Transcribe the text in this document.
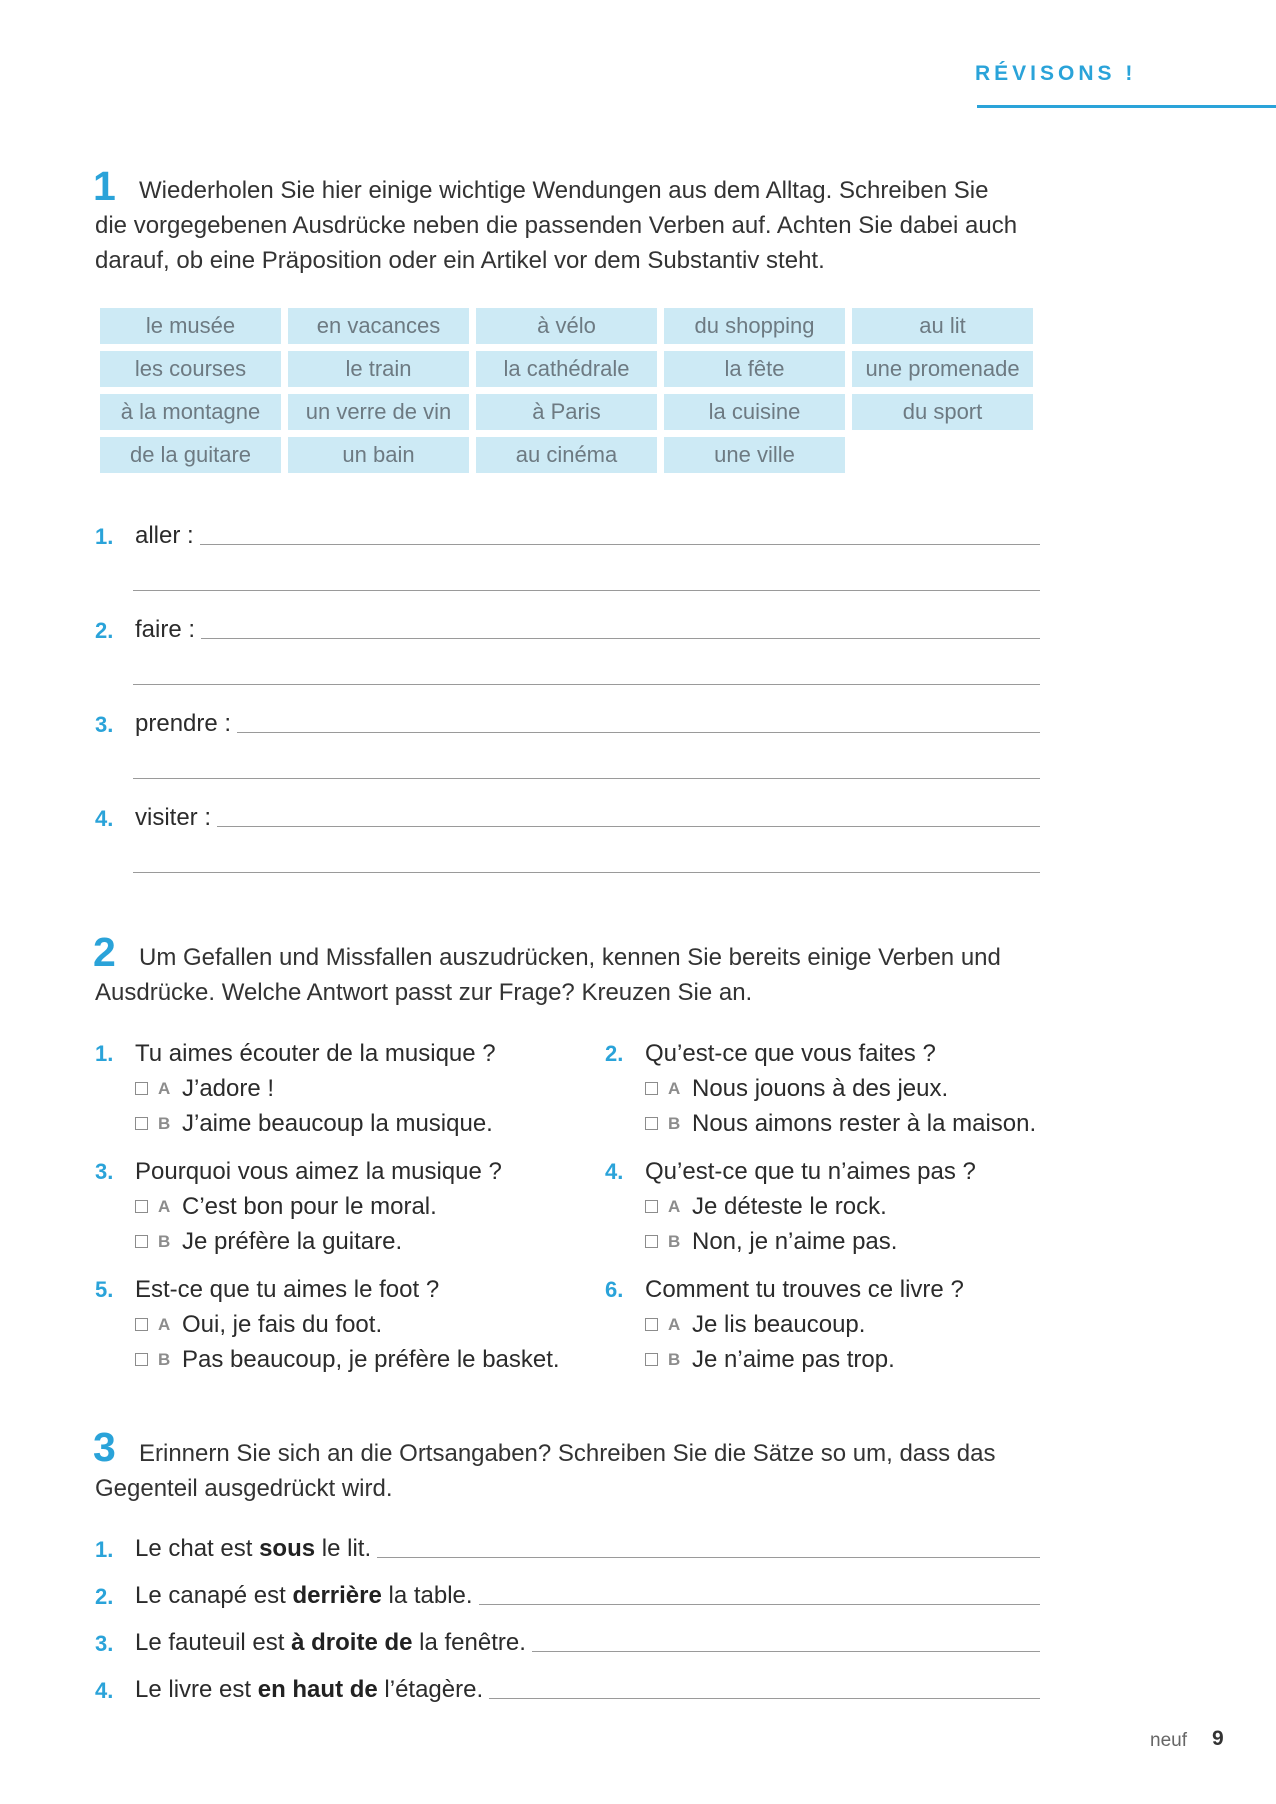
RÉVISONS !
1 Wiederholen Sie hier einige wichtige Wendungen aus dem Alltag. Schreiben Sie
die vorgegebenen Ausdrücke neben die passenden Verben auf. Achten Sie dabei auch
darauf, ob eine Präposition oder ein Artikel vor dem Substantiv steht.
le musée	en vacances	à vélo	du shopping	au lit
les courses	le train	la cathédrale	la fête	une promenade
à la montagne	un verre de vin	à Paris	la cuisine	du sport
de la guitare	un bain	au cinéma	une ville
1. aller :
2. faire :
3. prendre :
4. visiter :
2 Um Gefallen und Missfallen auszudrücken, kennen Sie bereits einige Verben und
Ausdrücke. Welche Antwort passt zur Frage? Kreuzen Sie an.
1. Tu aimes écouter de la musique ?
A J’adore !
B J’aime beaucoup la musique.
2. Qu’est-ce que vous faites ?
A Nous jouons à des jeux.
B Nous aimons rester à la maison.
3. Pourquoi vous aimez la musique ?
A C’est bon pour le moral.
B Je préfère la guitare.
4. Qu’est-ce que tu n’aimes pas ?
A Je déteste le rock.
B Non, je n’aime pas.
5. Est-ce que tu aimes le foot ?
A Oui, je fais du foot.
B Pas beaucoup, je préfère le basket.
6. Comment tu trouves ce livre ?
A Je lis beaucoup.
B Je n’aime pas trop.
3 Erinnern Sie sich an die Ortsangaben? Schreiben Sie die Sätze so um, dass das
Gegenteil ausgedrückt wird.
1. Le chat est sous le lit.
2. Le canapé est derrière la table.
3. Le fauteuil est à droite de la fenêtre.
4. Le livre est en haut de l’étagère.
neuf 9
